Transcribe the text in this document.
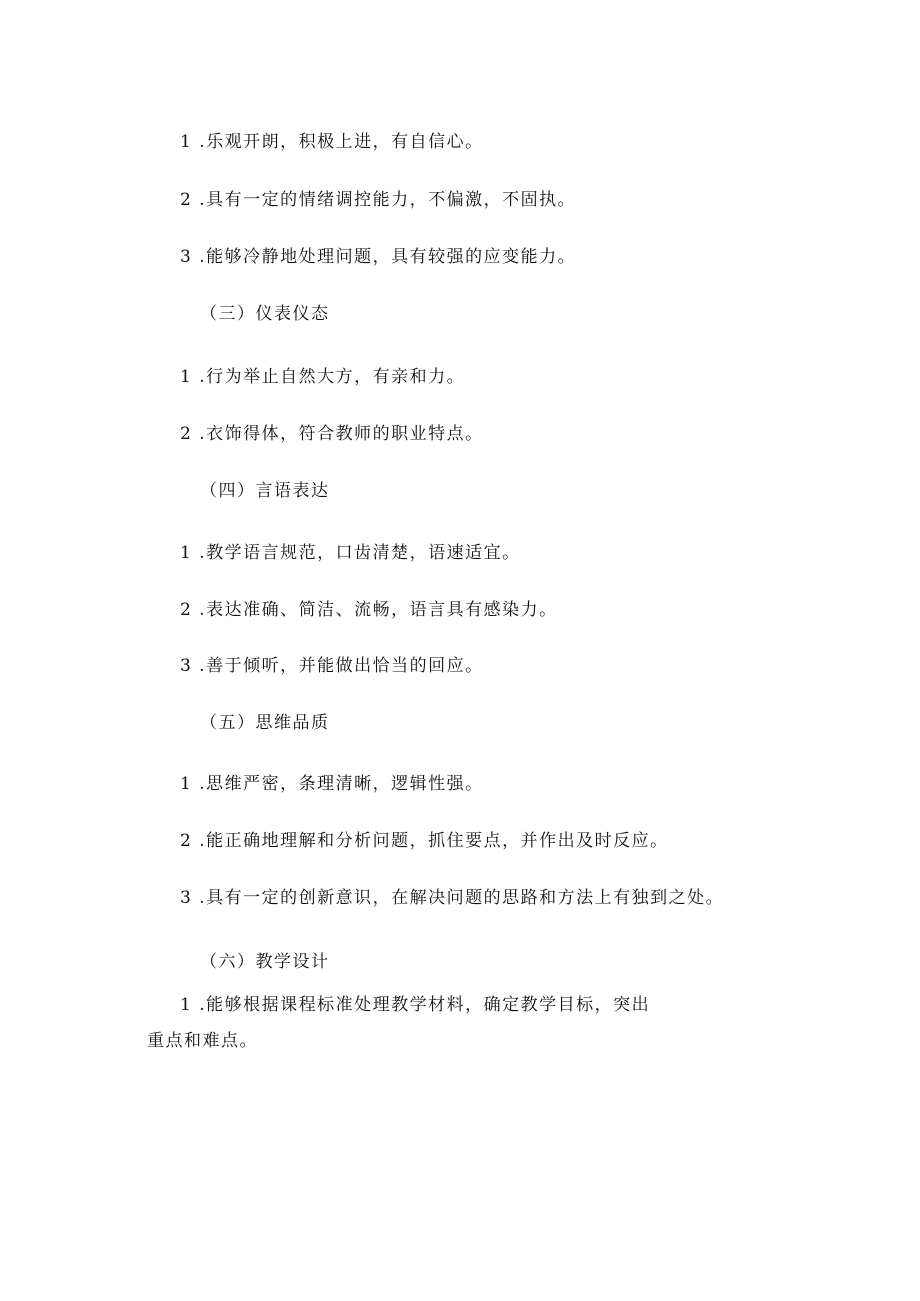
1 .乐观开朗，积极上进，有自信心。
2 .具有一定的情绪调控能力，不偏激，不固执。
3 .能够冷静地处理问题，具有较强的应变能力。
（三）仪表仪态
1 .行为举止自然大方，有亲和力。
2 .衣饰得体，符合教师的职业特点。
（四）言语表达
1 .教学语言规范，口齿清楚，语速适宜。
2 .表达准确、简洁、流畅，语言具有感染力。
3 .善于倾听，并能做出恰当的回应。
（五）思维品质
1 .思维严密，条理清晰，逻辑性强。
2 .能正确地理解和分析问题，抓住要点，并作出及时反应。
3 .具有一定的创新意识，在解决问题的思路和方法上有独到之处。
（六）教学设计
1 .能够根据课程标准处理教学材料，确定教学目标，突出
重点和难点。
